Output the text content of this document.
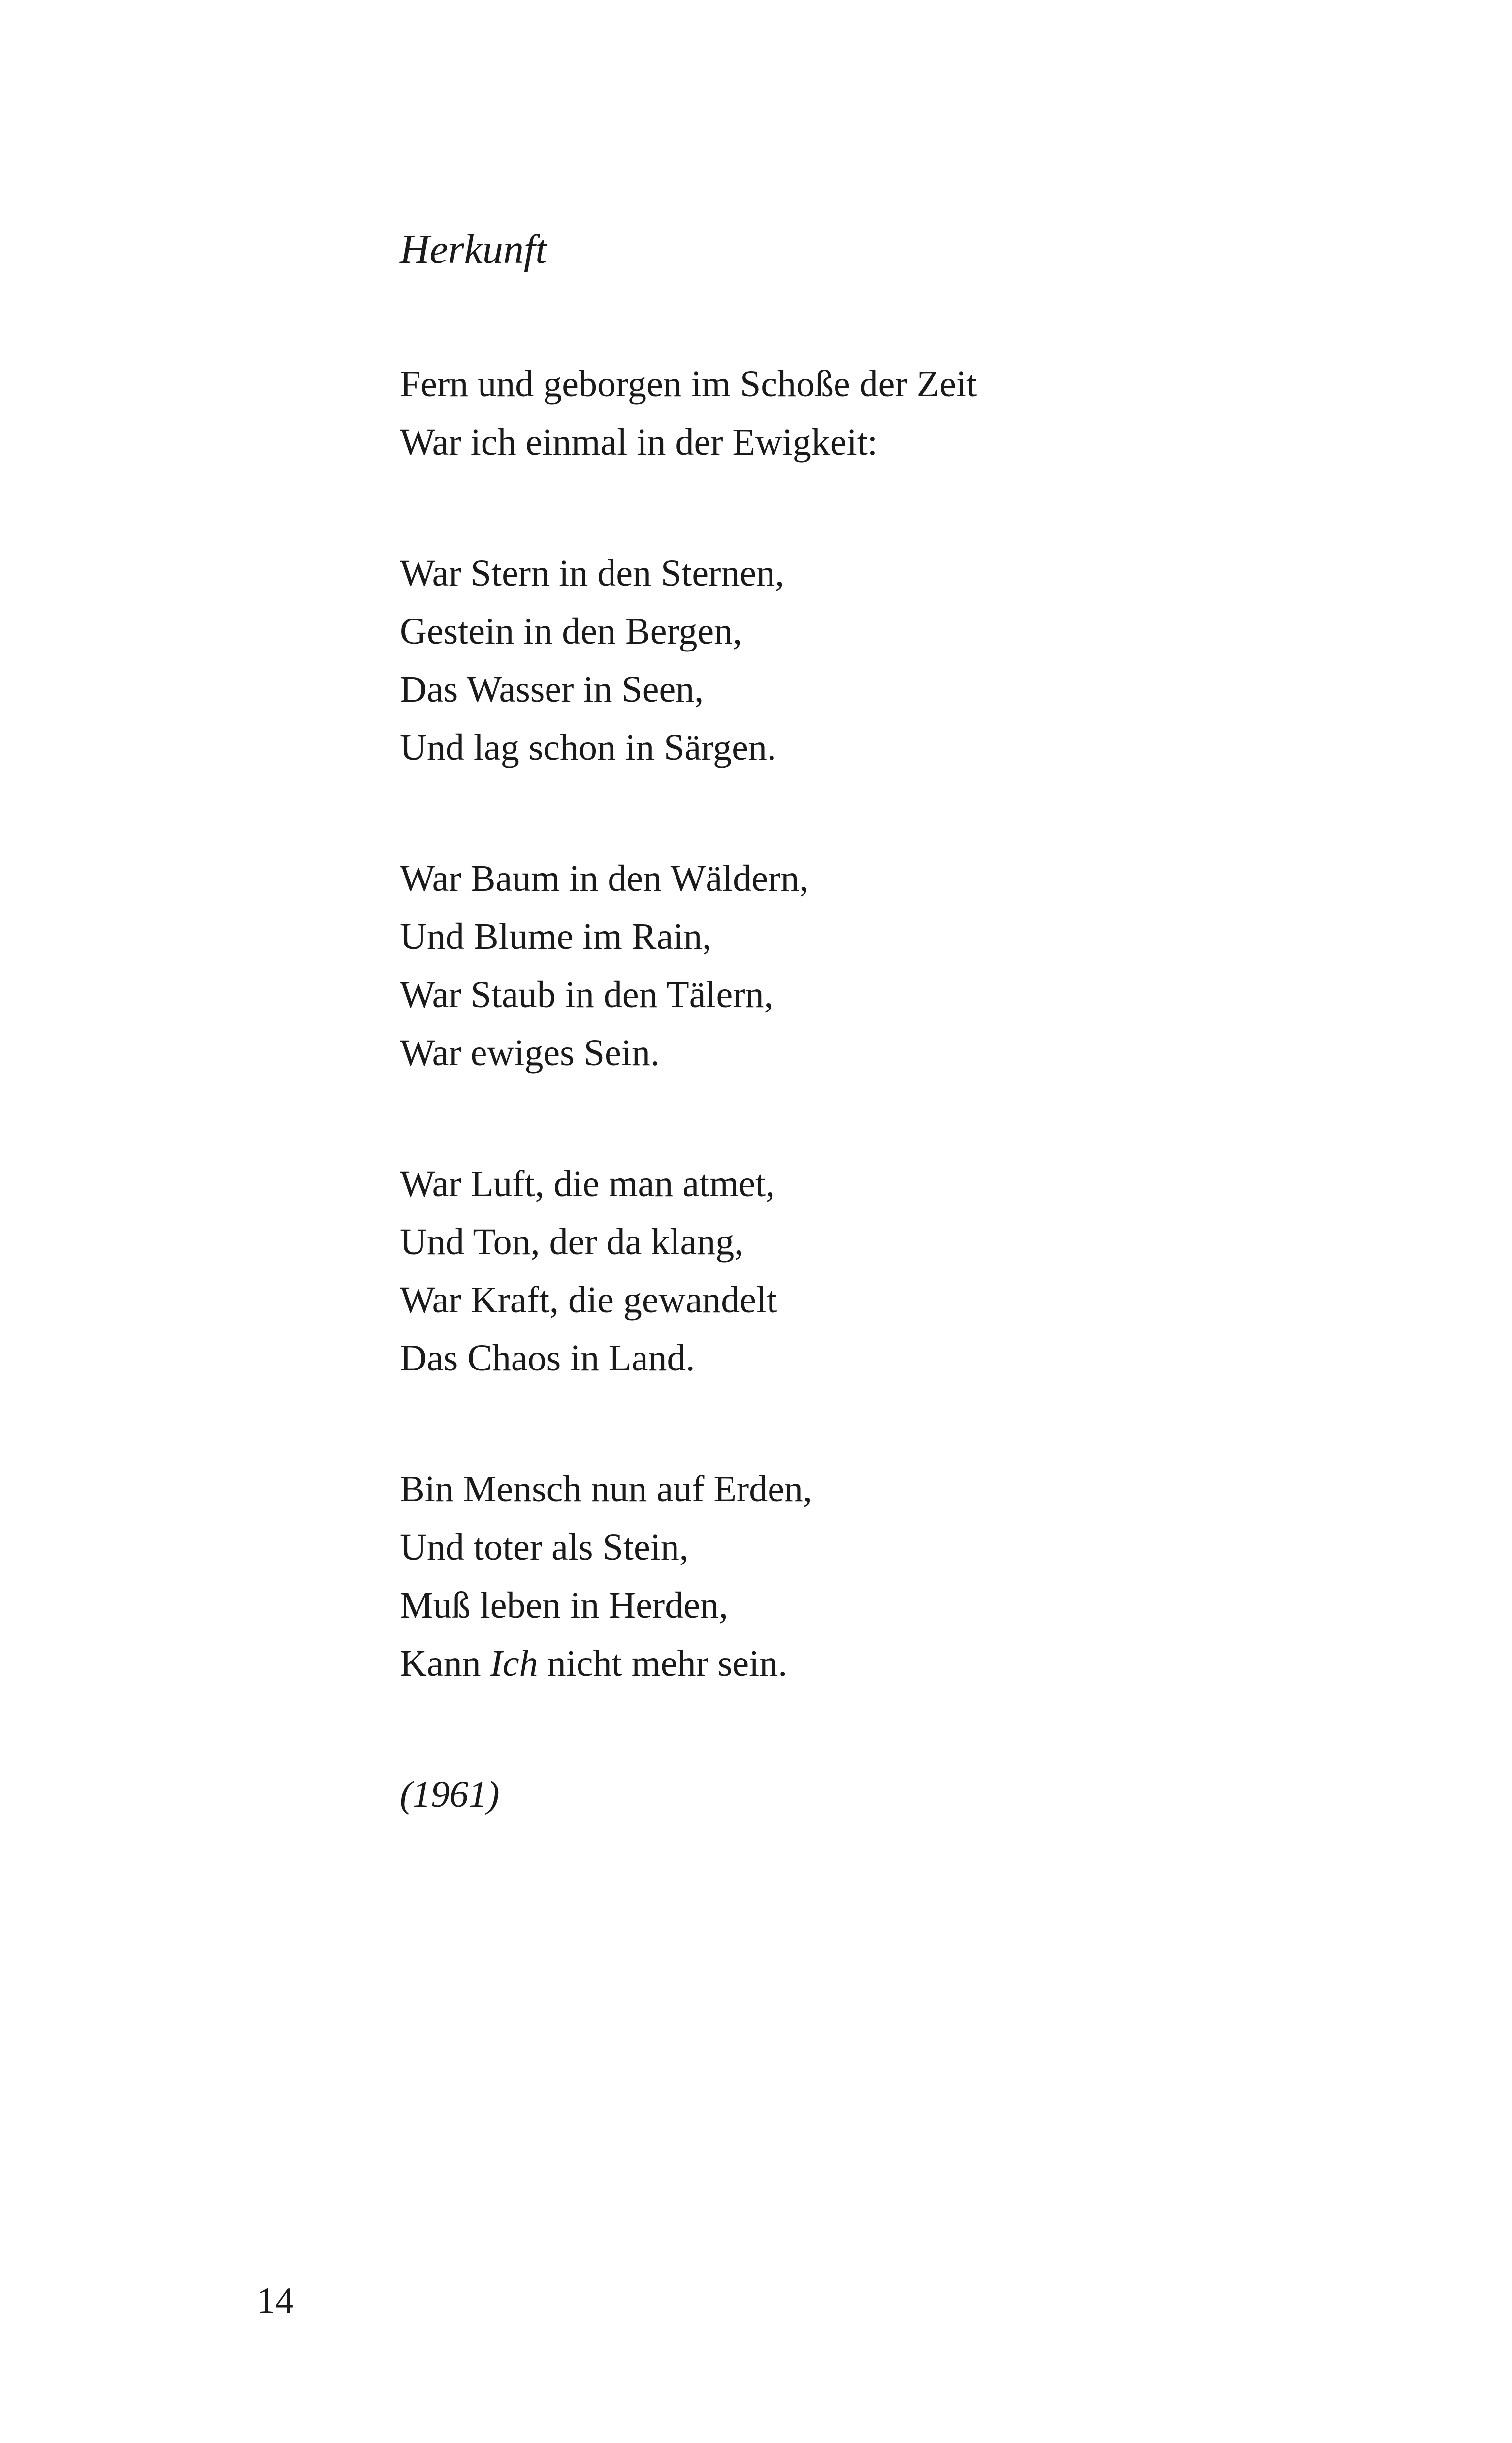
Herkunft

Fern und geborgen im Schoße der Zeit
War ich einmal in der Ewigkeit:

War Stern in den Sternen,
Gestein in den Bergen,
Das Wasser in Seen,
Und lag schon in Särgen.

War Baum in den Wäldern,
Und Blume im Rain,
War Staub in den Tälern,
War ewiges Sein.

War Luft, die man atmet,
Und Ton, der da klang,
War Kraft, die gewandelt
Das Chaos in Land.

Bin Mensch nun auf Erden,
Und toter als Stein,
Muß leben in Herden,
Kann Ich nicht mehr sein.

(1961)

14
